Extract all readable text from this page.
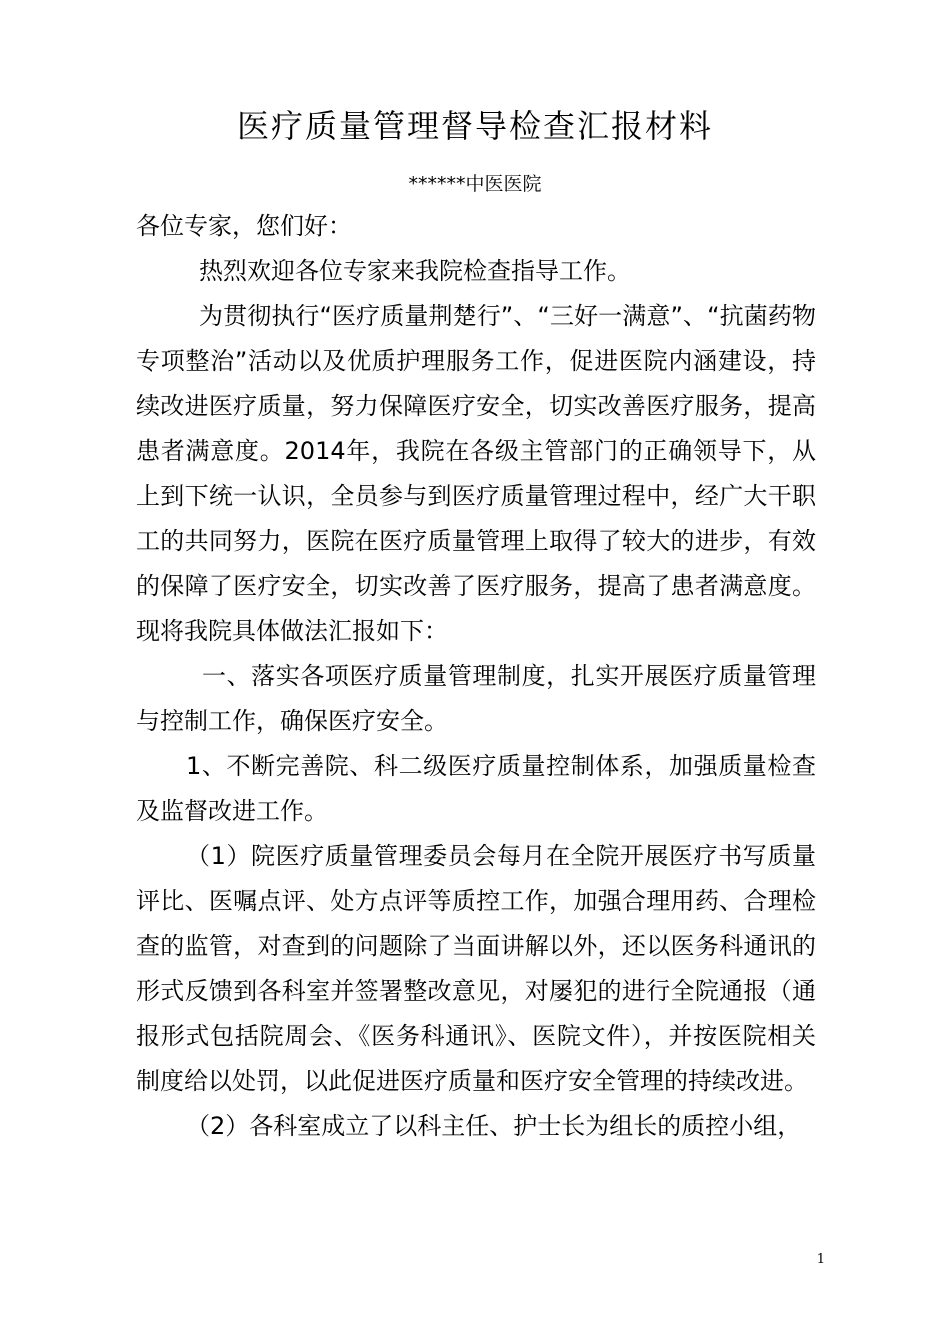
医疗质量管理督导检查汇报材料
******中医医院

各位专家，您们好：

热烈欢迎各位专家来我院检查指导工作。

为贯彻执行“医疗质量荆楚行”、“三好一满意”、“抗菌药物专项整治”活动以及优质护理服务工作，促进医院内涵建设，持续改进医疗质量，努力保障医疗安全，切实改善医疗服务，提高患者满意度。2014年，我院在各级主管部门的正确领导下，从上到下统一认识，全员参与到医疗质量管理过程中，经广大干职工的共同努力，医院在医疗质量管理上取得了较大的进步，有效的保障了医疗安全，切实改善了医疗服务，提高了患者满意度。现将我院具体做法汇报如下：

一、落实各项医疗质量管理制度，扎实开展医疗质量管理与控制工作，确保医疗安全。

1、不断完善院、科二级医疗质量控制体系，加强质量检查及监督改进工作。

（1）院医疗质量管理委员会每月在全院开展医疗书写质量评比、医嘱点评、处方点评等质控工作，加强合理用药、合理检查的监管，对查到的问题除了当面讲解以外，还以医务科通讯的形式反馈到各科室并签署整改意见，对屡犯的进行全院通报（通报形式包括院周会、《医务科通讯》、医院文件），并按医院相关制度给以处罚，以此促进医疗质量和医疗安全管理的持续改进。

（2）各科室成立了以科主任、护士长为组长的质控小组，

1
